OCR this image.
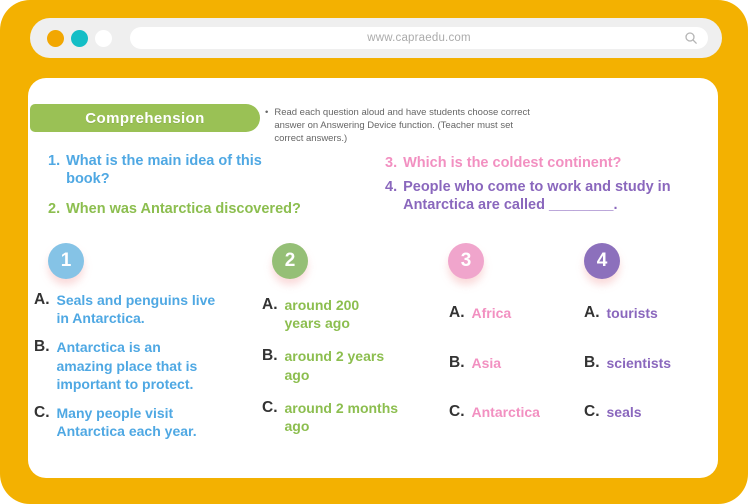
www.capraedu.com
Comprehension	• Read each question aloud and have students choose correct answer on Answering Device function. (Teacher must set correct answers.)
1. What is the main idea of this book?
2. When was Antarctica discovered?
3. Which is the coldest continent?
4. People who come to work and study in Antarctica are called ________.
1	2	3	4
A. Seals and penguins live in Antarctica.
B. Antarctica is an amazing place that is important to protect.
C. Many people visit Antarctica each year.
A. around 200 years ago
B. around 2 years ago
C. around 2 months ago
A. Africa
B. Asia
C. Antarctica
A. tourists
B. scientists
C. seals
